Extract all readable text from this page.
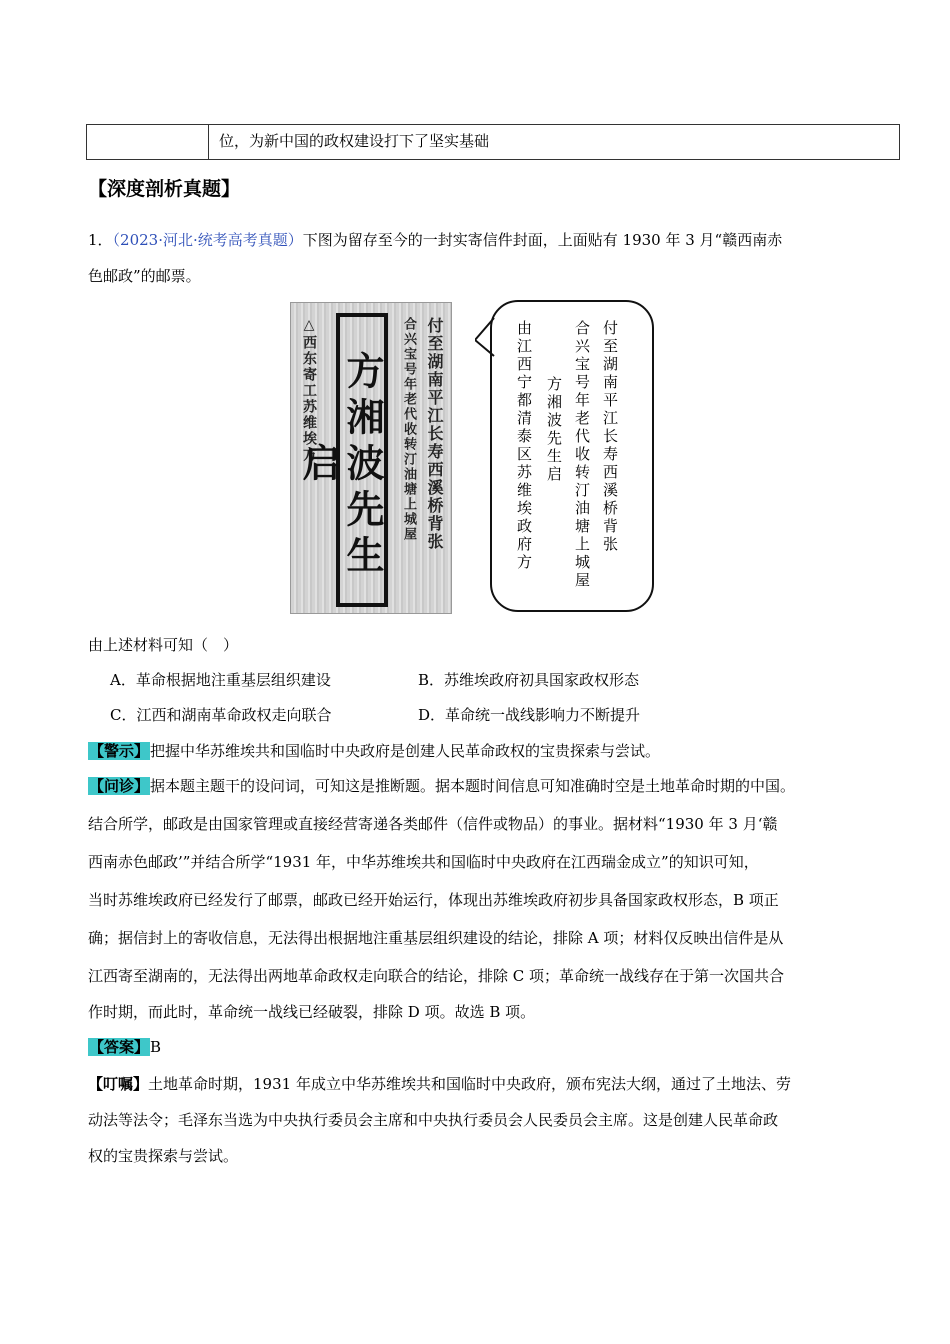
位，为新中国的政权建设打下了坚实基础
【深度剖析真题】
1．（2023·河北·统考高考真题）下图为留存至今的一封实寄信件封面，上面贴有 1930 年 3 月“赣西南赤
色邮政”的邮票。
△西东寄工苏维埃方 方湘波先生启	合兴宝号年老代收转汀油塘上城屋 付至湖南平江长寿西溪桥背张	付至湖南平江长寿西溪桥背张
合兴宝号年老代收转汀油塘上城屋
方湘波先生启
由江西宁都清泰区苏维埃政府方
由上述材料可知（　）
A．革命根据地注重基层组织建设	B．苏维埃政府初具国家政权形态
C．江西和湖南革命政权走向联合	D．革命统一战线影响力不断提升
【警示】把握中华苏维埃共和国临时中央政府是创建人民革命政权的宝贵探索与尝试。
【问诊】据本题主题干的设问词，可知这是推断题。据本题时间信息可知准确时空是土地革命时期的中国。
结合所学，邮政是由国家管理或直接经营寄递各类邮件（信件或物品）的事业。据材料“1930 年 3 月‘赣
西南赤色邮政’”并结合所学“1931 年，中华苏维埃共和国临时中央政府在江西瑞金成立”的知识可知，
当时苏维埃政府已经发行了邮票，邮政已经开始运行，体现出苏维埃政府初步具备国家政权形态，B 项正
确；据信封上的寄收信息，无法得出根据地注重基层组织建设的结论，排除 A 项；材料仅反映出信件是从
江西寄至湖南的，无法得出两地革命政权走向联合的结论，排除 C 项；革命统一战线存在于第一次国共合
作时期，而此时，革命统一战线已经破裂，排除 D 项。故选 B 项。
【答案】B
【叮嘱】土地革命时期，1931 年成立中华苏维埃共和国临时中央政府，颁布宪法大纲，通过了土地法、劳
动法等法令；毛泽东当选为中央执行委员会主席和中央执行委员会人民委员会主席。这是创建人民革命政
权的宝贵探索与尝试。
